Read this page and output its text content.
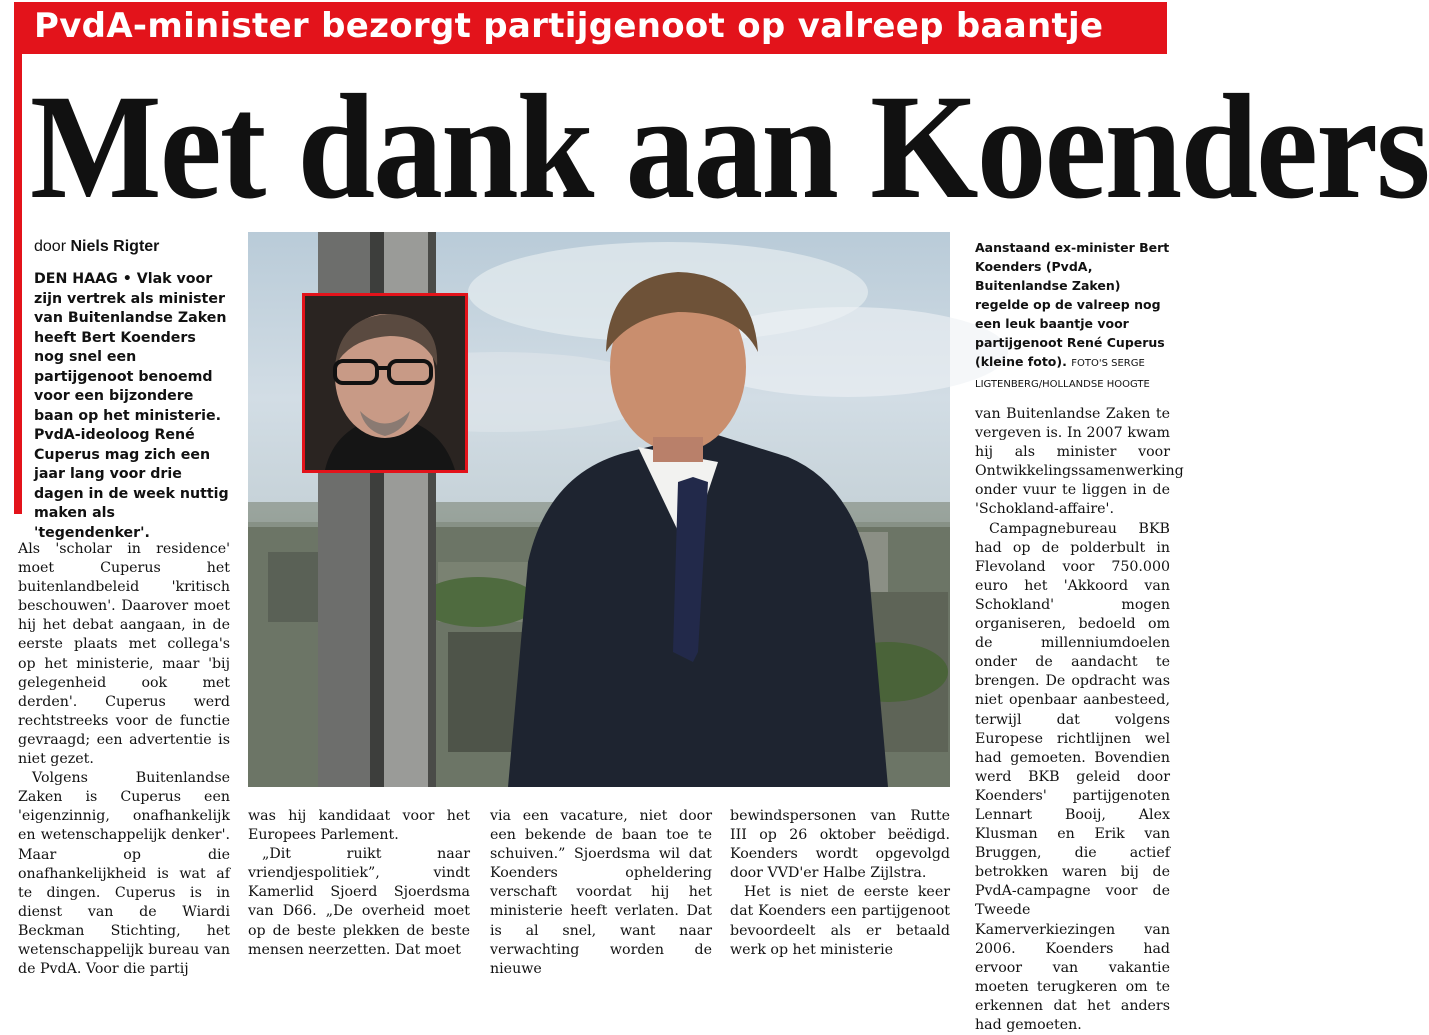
PvdA-minister bezorgt partijgenoot op valreep baantje
Met dank aan Koenders
door Niels Rigter
DEN HAAG • Vlak voor zijn vertrek als minister van Buitenlandse Zaken heeft Bert Koenders nog snel een partijgenoot benoemd voor een bijzondere baan op het ministerie. PvdA-ideoloog René Cuperus mag zich een jaar lang voor drie dagen in de week nuttig maken als 'tegendenker'.
Aanstaand ex-minister Bert Koenders (PvdA, Buitenlandse Zaken) regelde op de valreep nog een leuk baantje voor partijgenoot René Cuperus (kleine foto). FOTO'S SERGE LIGTENBERG/HOLLANDSE HOOGTE

Als 'scholar in residence' moet Cuperus het buitenlandbeleid 'kritisch beschouwen'. Daarover moet hij het debat aangaan, in de eerste plaats met collega's op het ministerie, maar 'bij gelegenheid ook met derden'. Cuperus werd rechtstreeks voor de functie gevraagd; een advertentie is niet gezet.

Volgens Buitenlandse Zaken is Cuperus een 'eigenzinnig, onafhankelijk en wetenschappelijk denker'. Maar op die onafhankelijkheid is wat af te dingen. Cuperus is in dienst van de Wiardi Beckman Stichting, het wetenschappelijk bureau van de PvdA. Voor die partij

was hij kandidaat voor het Europees Parlement.

„Dit ruikt naar vriendjespolitiek”, vindt Kamerlid Sjoerd Sjoerdsma van D66. „De overheid moet op de beste plekken de beste mensen neerzetten. Dat moet

via een vacature, niet door een bekende de baan toe te schuiven.” Sjoerdsma wil dat Koenders opheldering verschaft voordat hij het ministerie heeft verlaten. Dat is al snel, want naar verwachting worden de nieuwe

bewindspersonen van Rutte III op 26 oktober beëdigd. Koenders wordt opgevolgd door VVD'er Halbe Zijlstra.

Het is niet de eerste keer dat Koenders een partijgenoot bevoordeelt als er betaald werk op het ministerie

van Buitenlandse Zaken te vergeven is. In 2007 kwam hij als minister voor Ontwikkelingssamenwerking onder vuur te liggen in de 'Schokland-affaire'.

Campagnebureau BKB had op de polderbult in Flevoland voor 750.000 euro het 'Akkoord van Schokland' mogen organiseren, bedoeld om de millenniumdoelen onder de aandacht te brengen. De opdracht was niet openbaar aanbesteed, terwijl dat volgens Europese richtlijnen wel had gemoeten. Bovendien werd BKB geleid door Koenders' partijgenoten Lennart Booij, Alex Klusman en Erik van Bruggen, die actief betrokken waren bij de PvdA-campagne voor de Tweede Kamerverkiezingen van 2006. Koenders had ervoor van vakantie moeten terugkeren om te erkennen dat het anders had gemoeten.
